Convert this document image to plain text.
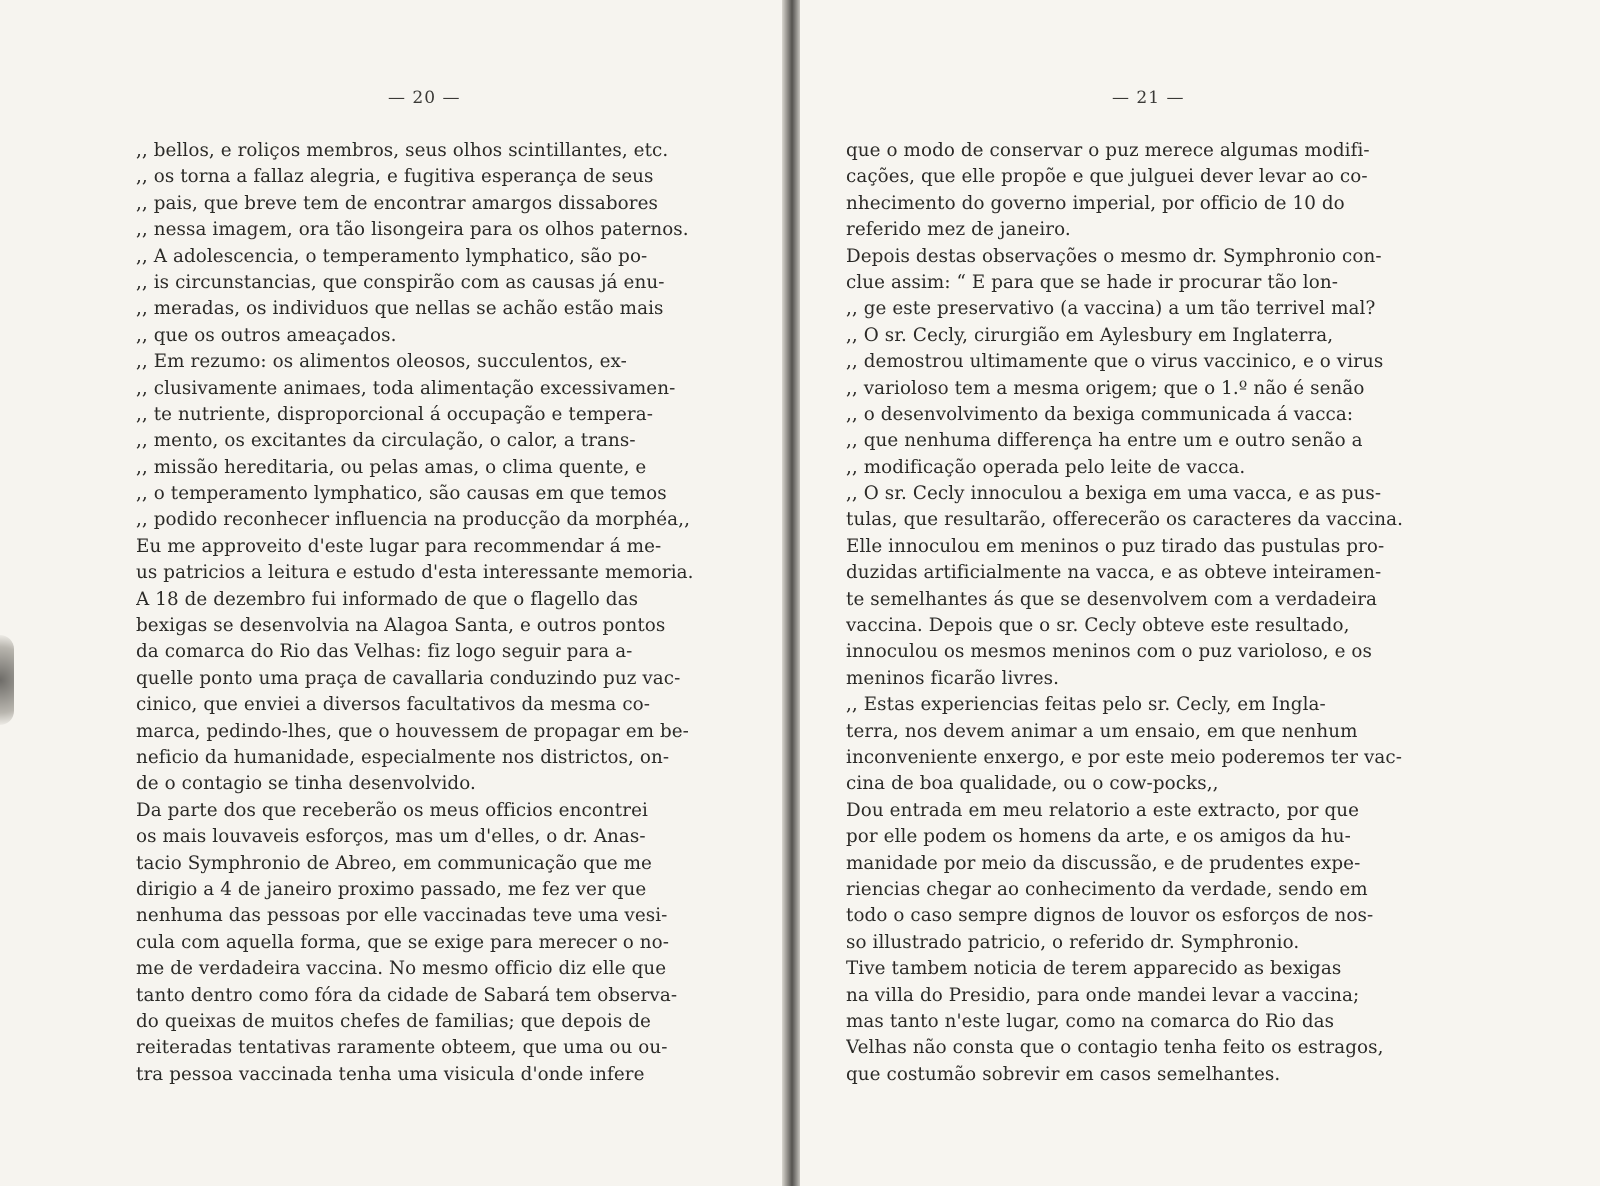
— 20 —
,, bellos, e roliços membros, seus olhos scintillantes, etc.
,, os torna a fallaz alegria, e fugitiva esperança de seus
,, pais, que breve tem de encontrar amargos dissabores
,, nessa imagem, ora tão lisongeira para os olhos paternos.
,, A adolescencia, o temperamento lymphatico, são po-
,, is circunstancias, que conspirão com as causas já enu-
,, meradas, os individuos que nellas se achão estão mais
,, que os outros ameaçados.
,, Em rezumo: os alimentos oleosos, succulentos, ex-
,, clusivamente animaes, toda alimentação excessivamen-
,, te nutriente, disproporcional á occupação e tempera-
,, mento, os excitantes da circulação, o calor, a trans-
,, missão hereditaria, ou pelas amas, o clima quente, e
,, o temperamento lymphatico, são causas em que temos
,, podido reconhecer influencia na producção da morphéa,,
Eu me approveito d'este lugar para recommendar á me-
us patricios a leitura e estudo d'esta interessante memoria.
A 18 de dezembro fui informado de que o flagello das
bexigas se desenvolvia na Alagoa Santa, e outros pontos
da comarca do Rio das Velhas: fiz logo seguir para a-
quelle ponto uma praça de cavallaria conduzindo puz vac-
cinico, que enviei a diversos facultativos da mesma co-
marca, pedindo-lhes, que o houvessem de propagar em be-
neficio da humanidade, especialmente nos districtos, on-
de o contagio se tinha desenvolvido.
Da parte dos que receberão os meus officios encontrei
os mais louvaveis esforços, mas um d'elles, o dr. Anas-
tacio Symphronio de Abreo, em communicação que me
dirigio a 4 de janeiro proximo passado, me fez ver que
nenhuma das pessoas por elle vaccinadas teve uma vesi-
cula com aquella forma, que se exige para merecer o no-
me de verdadeira vaccina. No mesmo officio diz elle que
tanto dentro como fóra da cidade de Sabará tem observa-
do queixas de muitos chefes de familias; que depois de
reiteradas tentativas raramente obteem, que uma ou ou-
tra pessoa vaccinada tenha uma visicula d'onde infere
— 21 —
que o modo de conservar o puz merece algumas modifi-
cações, que elle propõe e que julguei dever levar ao co-
nhecimento do governo imperial, por officio de 10 do
referido mez de janeiro.
Depois destas observações o mesmo dr. Symphronio con-
clue assim: “ E para que se hade ir procurar tão lon-
,, ge este preservativo (a vaccina) a um tão terrivel mal?
,, O sr. Cecly, cirurgião em Aylesbury em Inglaterra,
,, demostrou ultimamente que o virus vaccinico, e o virus
,, varioloso tem a mesma origem; que o 1.º não é senão
,, o desenvolvimento da bexiga communicada á vacca:
,, que nenhuma differença ha entre um e outro senão a
,, modificação operada pelo leite de vacca.
,, O sr. Cecly innoculou a bexiga em uma vacca, e as pus-
tulas, que resultarão, offerecerão os caracteres da vaccina.
Elle innoculou em meninos o puz tirado das pustulas pro-
duzidas artificialmente na vacca, e as obteve inteiramen-
te semelhantes ás que se desenvolvem com a verdadeira
vaccina. Depois que o sr. Cecly obteve este resultado,
innoculou os mesmos meninos com o puz varioloso, e os
meninos ficarão livres.
,, Estas experiencias feitas pelo sr. Cecly, em Ingla-
terra, nos devem animar a um ensaio, em que nenhum
inconveniente enxergo, e por este meio poderemos ter vac-
cina de boa qualidade, ou o cow-pocks,,
Dou entrada em meu relatorio a este extracto, por que
por elle podem os homens da arte, e os amigos da hu-
manidade por meio da discussão, e de prudentes expe-
riencias chegar ao conhecimento da verdade, sendo em
todo o caso sempre dignos de louvor os esforços de nos-
so illustrado patricio, o referido dr. Symphronio.
Tive tambem noticia de terem apparecido as bexigas
na villa do Presidio, para onde mandei levar a vaccina;
mas tanto n'este lugar, como na comarca do Rio das
Velhas não consta que o contagio tenha feito os estragos,
que costumão sobrevir em casos semelhantes.
